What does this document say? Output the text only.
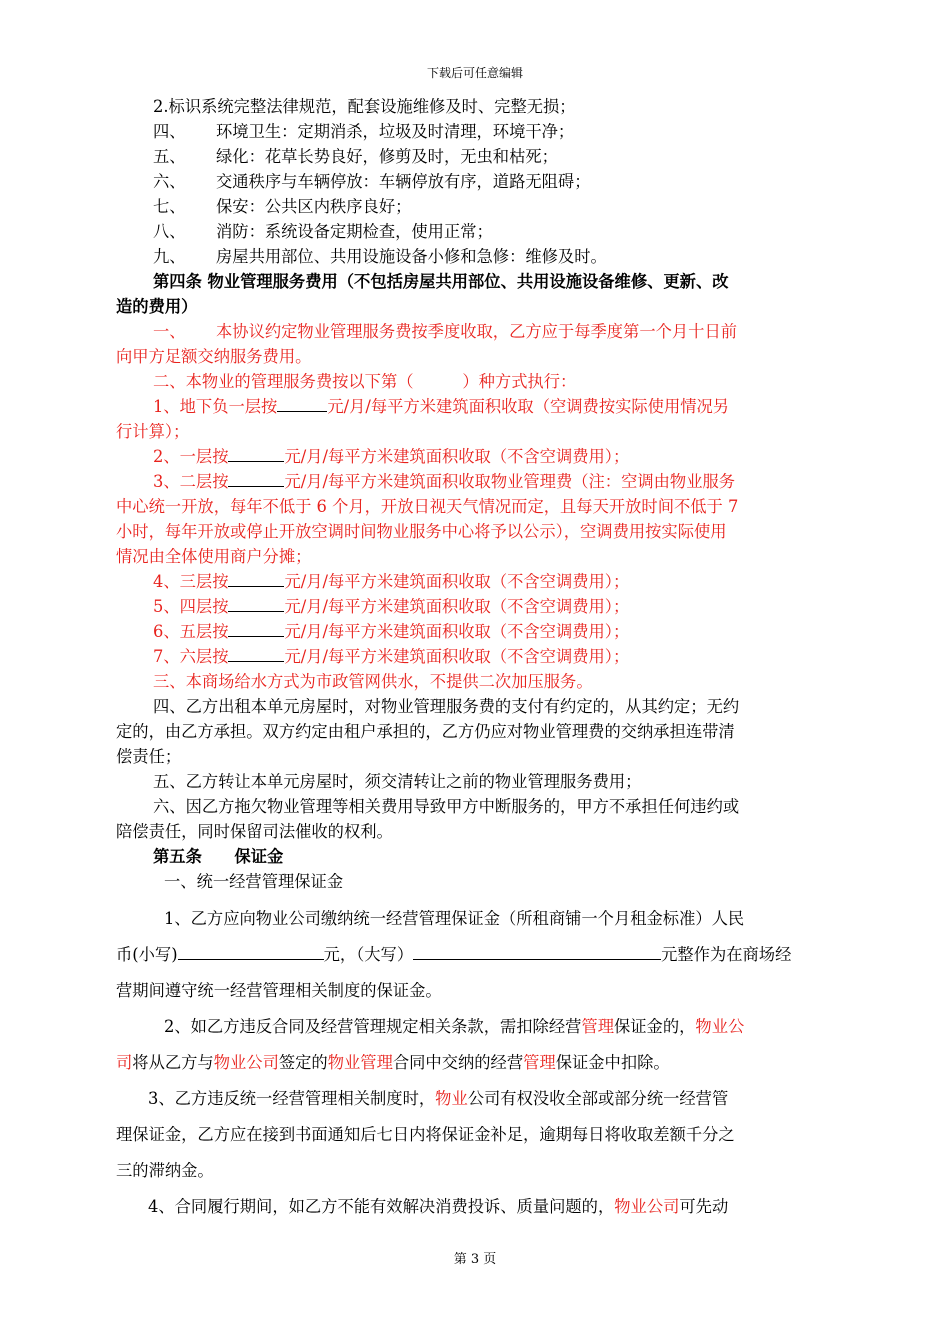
下载后可任意编辑
2.标识系统完整法律规范，配套设施维修及时、完整无损；
四、 环境卫生：定期消杀，垃圾及时清理，环境干净；
五、 绿化：花草长势良好，修剪及时，无虫和枯死；
六、 交通秩序与车辆停放：车辆停放有序，道路无阻碍；
七、 保安：公共区内秩序良好；
八、 消防：系统设备定期检查，使用正常；
九、 房屋共用部位、共用设施设备小修和急修：维修及时。
第四条 物业管理服务费用（不包括房屋共用部位、共用设施设备维修、更新、改
造的费用）
一、 本协议约定物业管理服务费按季度收取，乙方应于每季度第一个月十日前
向甲方足额交纳服务费用。
二、本物业的管理服务费按以下第（　　　）种方式执行：
1、地下负一层按	元/月/每平方米建筑面积收取（空调费按实际使用情况另
行计算）；
2、一层按	元/月/每平方米建筑面积收取（不含空调费用）；
3、二层按	元/月/每平方米建筑面积收取物业管理费（注：空调由物业服务
中心统一开放，每年不低于 6 个月，开放日视天气情况而定，且每天开放时间不低于 7
小时，每年开放或停止开放空调时间物业服务中心将予以公示），空调费用按实际使用
情况由全体使用商户分摊；
4、三层按	元/月/每平方米建筑面积收取（不含空调费用）；
5、四层按	元/月/每平方米建筑面积收取（不含空调费用）；
6、五层按	元/月/每平方米建筑面积收取（不含空调费用）；
7、六层按	元/月/每平方米建筑面积收取（不含空调费用）；
三、本商场给水方式为市政管网供水，不提供二次加压服务。
四、乙方出租本单元房屋时，对物业管理服务费的支付有约定的，从其约定；无约
定的，由乙方承担。双方约定由租户承担的，乙方仍应对物业管理费的交纳承担连带清
偿责任；
五、乙方转让本单元房屋时，须交清转让之前的物业管理服务费用；
六、因乙方拖欠物业管理等相关费用导致甲方中断服务的，甲方不承担任何违约或
陪偿责任，同时保留司法催收的权利。
第五条　　保证金
一、统一经营管理保证金
1、乙方应向物业公司缴纳统一经营管理保证金（所租商铺一个月租金标准）人民
币(小写)	元，（大写）	元整作为在商场经
营期间遵守统一经营管理相关制度的保证金。
2、如乙方违反合同及经营管理规定相关条款，需扣除经营管理保证金的，物业公
司将从乙方与物业公司签定的物业管理合同中交纳的经营管理保证金中扣除。
3、乙方违反统一经营管理相关制度时，物业公司有权没收全部或部分统一经营管
理保证金，乙方应在接到书面通知后七日内将保证金补足，逾期每日将收取差额千分之
三的滞纳金。
4、合同履行期间，如乙方不能有效解决消费投诉、质量问题的，物业公司可先动
第 3 页
